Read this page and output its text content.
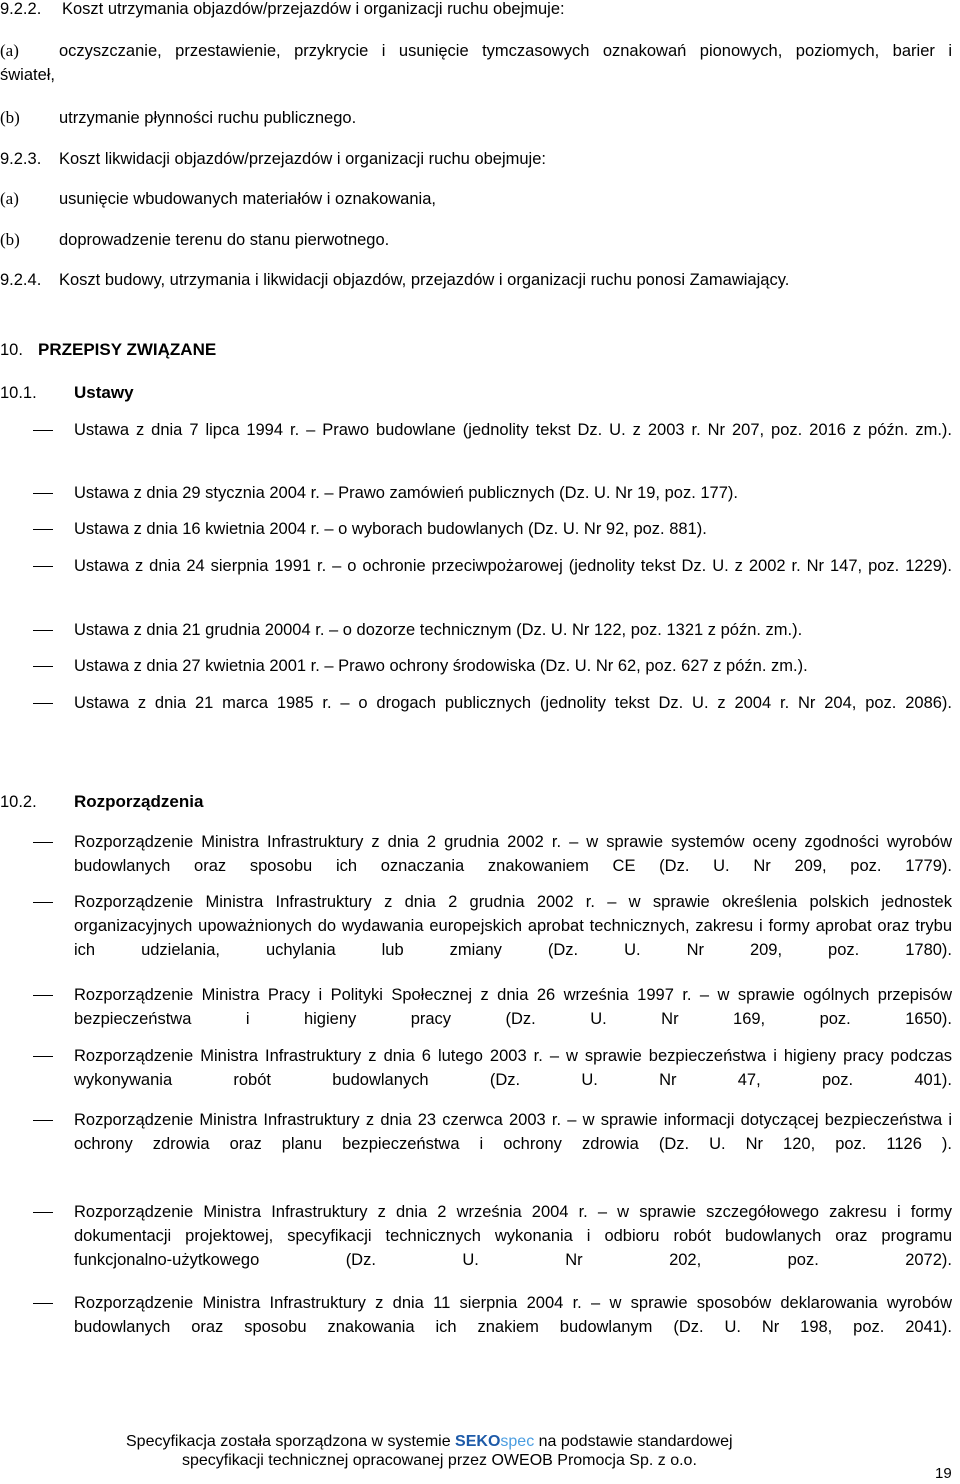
9.2.2. Koszt utrzymania objazdów/przejazdów i organizacji ruchu obejmuje:
(a) oczyszczanie, przestawienie, przykrycie i usunięcie tymczasowych oznakowań pionowych, poziomych, barier i
świateł,
(b) utrzymanie płynności ruchu publicznego.
9.2.3. Koszt likwidacji objazdów/przejazdów i organizacji ruchu obejmuje:
(a) usunięcie wbudowanych materiałów i oznakowania,
(b) doprowadzenie terenu do stanu pierwotnego.
9.2.4. Koszt budowy, utrzymania i likwidacji objazdów, przejazdów i organizacji ruchu ponosi Zamawiający.
10. PRZEPISY ZWIĄZANE
10.1. Ustawy
Ustawa z dnia 7 lipca 1994 r. – Prawo budowlane (jednolity tekst Dz. U. z 2003 r. Nr 207, poz. 2016 z późn. zm.).
Ustawa z dnia 29 stycznia 2004 r. – Prawo zamówień publicznych (Dz. U. Nr 19, poz. 177).
Ustawa z dnia 16 kwietnia 2004 r. – o wyborach budowlanych (Dz. U. Nr 92, poz. 881).
Ustawa z dnia 24 sierpnia 1991 r. – o ochronie przeciwpożarowej (jednolity tekst Dz. U. z 2002 r. Nr 147, poz. 1229).
Ustawa z dnia 21 grudnia 20004 r. – o dozorze technicznym (Dz. U. Nr 122, poz. 1321 z późn. zm.).
Ustawa z dnia 27 kwietnia 2001 r. – Prawo ochrony środowiska (Dz. U. Nr 62, poz. 627 z późn. zm.).
Ustawa z dnia 21 marca 1985 r. – o drogach publicznych (jednolity tekst Dz. U. z 2004 r. Nr 204, poz. 2086).
10.2. Rozporządzenia
Rozporządzenie Ministra Infrastruktury z dnia 2 grudnia 2002 r. – w sprawie systemów oceny zgodności wyrobów budowlanych oraz sposobu ich oznaczania znakowaniem CE (Dz. U. Nr 209, poz. 1779).
Rozporządzenie Ministra Infrastruktury z dnia 2 grudnia 2002 r. – w sprawie określenia polskich jednostek organizacyjnych upoważnionych do wydawania europejskich aprobat technicznych, zakresu i formy aprobat oraz trybu ich udzielania, uchylania lub zmiany (Dz. U. Nr 209, poz. 1780).
Rozporządzenie Ministra Pracy i Polityki Społecznej z dnia 26 września 1997 r. – w sprawie ogólnych przepisów bezpieczeństwa i higieny pracy (Dz. U. Nr 169, poz. 1650).
Rozporządzenie Ministra Infrastruktury z dnia 6 lutego 2003 r. – w sprawie bezpieczeństwa i higieny pracy podczas wykonywania robót budowlanych (Dz. U. Nr 47, poz. 401).
Rozporządzenie Ministra Infrastruktury z dnia 23 czerwca 2003 r. – w sprawie informacji dotyczącej bezpieczeństwa i ochrony zdrowia oraz planu bezpieczeństwa i ochrony zdrowia (Dz. U. Nr 120, poz. 1126 ).
Rozporządzenie Ministra Infrastruktury z dnia 2 września 2004 r. – w sprawie szczegółowego zakresu i formy dokumentacji projektowej, specyfikacji technicznych wykonania i odbioru robót budowlanych oraz programu funkcjonalno-użytkowego (Dz. U. Nr 202, poz. 2072).
Rozporządzenie Ministra Infrastruktury z dnia 11 sierpnia 2004 r. – w sprawie sposobów deklarowania wyrobów budowlanych oraz sposobu znakowania ich znakiem budowlanym (Dz. U. Nr 198, poz. 2041).
Specyfikacja została sporządzona w systemie SEKOspec na podstawie standardowej
specyfikacji technicznej opracowanej przez OWEOB Promocja Sp. z o.o.
19
